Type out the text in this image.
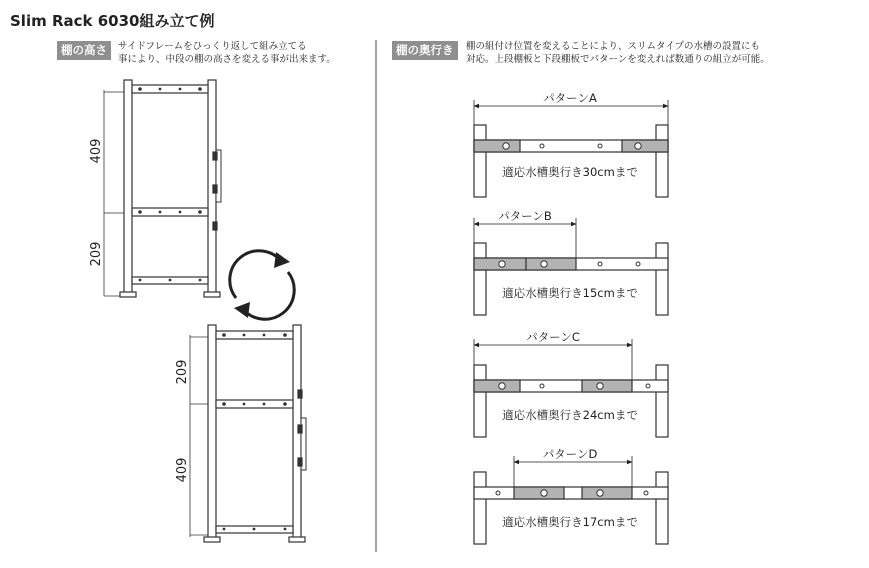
Slim Rack 6030組み立て例
棚の高さ	サイドフレームをひっくり返して組み立てる
事により、中段の棚の高さを変える事が出来ます。
棚の奥行き	棚の組付け位置を変えることにより、スリムタイプの水槽の設置にも
対応。上段棚板と下段棚板でパターンを変えれば数通りの組立が可能。
409
209
209
409
パターンA
適応水槽奥行き30cmまで
パターンB
適応水槽奥行き15cmまで
パターンC
適応水槽奥行き24cmまで
パターンD
適応水槽奥行き17cmまで
